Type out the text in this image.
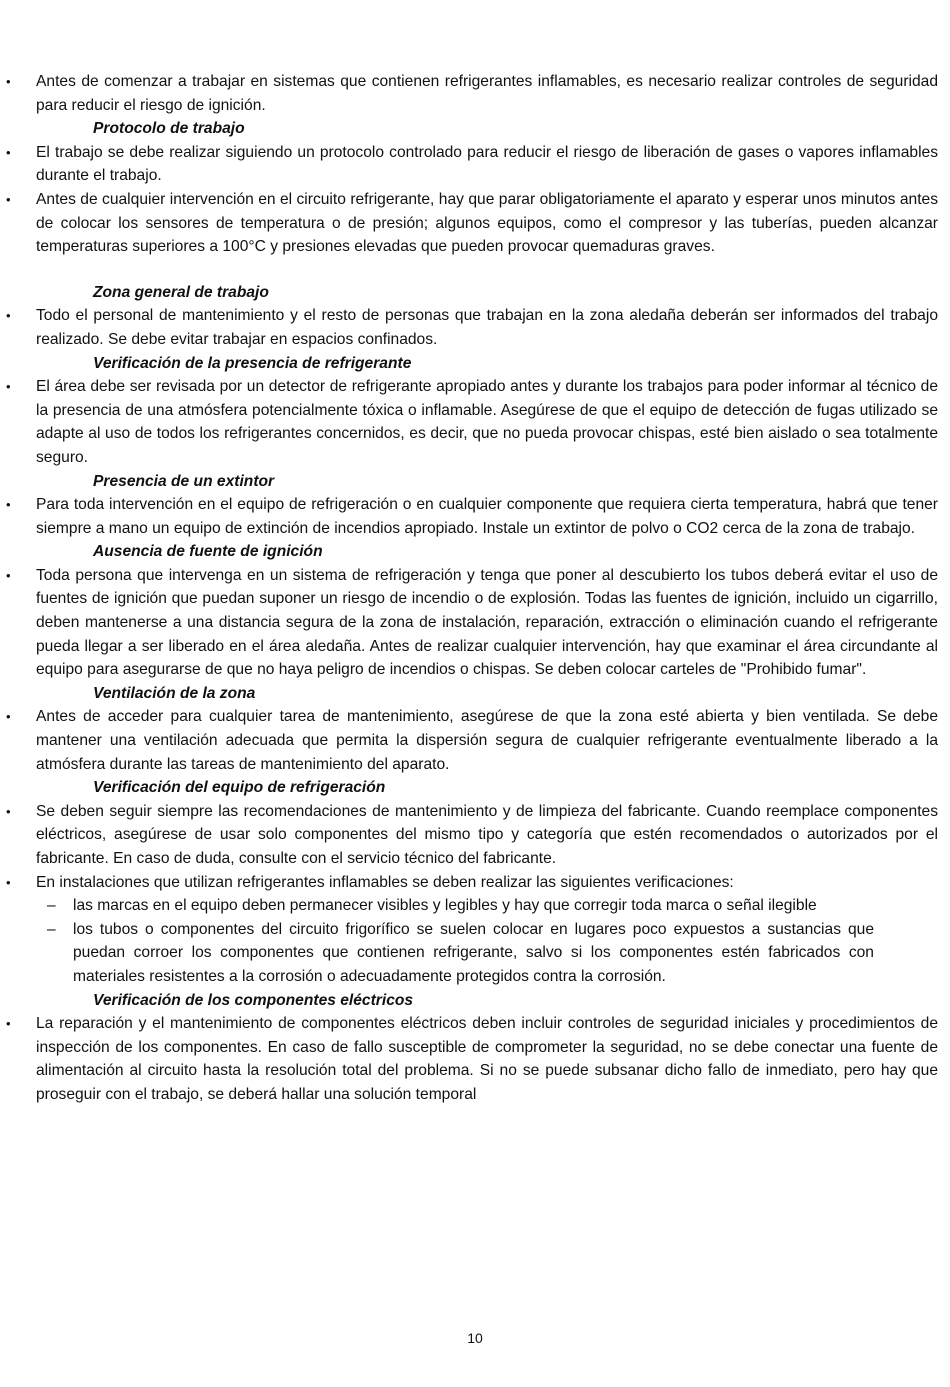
•	Antes de comenzar a trabajar en sistemas que contienen refrigerantes inflamables, es necesario realizar controles de seguridad para reducir el riesgo de ignición.
Protocolo de trabajo
•	El trabajo se debe realizar siguiendo un protocolo controlado para reducir el riesgo de liberación de gases o vapores inflamables durante el trabajo.
•	Antes de cualquier intervención en el circuito refrigerante, hay que parar obligatoriamente el aparato y esperar unos minutos antes de colocar los sensores de temperatura o de presión; algunos equipos, como el compresor y las tuberías, pueden alcanzar temperaturas superiores a 100°C y presiones elevadas que pueden provocar quemaduras graves.
Zona general de trabajo
•	Todo el personal de mantenimiento y el resto de personas que trabajan en la zona aledaña deberán ser informados del trabajo realizado. Se debe evitar trabajar en espacios confinados.
Verificación de la presencia de refrigerante
•	El área debe ser revisada por un detector de refrigerante apropiado antes y durante los trabajos para poder informar al técnico de la presencia de una atmósfera potencialmente tóxica o inflamable. Asegúrese de que el equipo de detección de fugas utilizado se adapte al uso de todos los refrigerantes concernidos, es decir, que no pueda provocar chispas, esté bien aislado o sea totalmente seguro.
Presencia de un extintor
•	Para toda intervención en el equipo de refrigeración o en cualquier componente que requiera cierta temperatura, habrá que tener siempre a mano un equipo de extinción de incendios apropiado. Instale un extintor de polvo o CO2 cerca de la zona de trabajo.
Ausencia de fuente de ignición
•	Toda persona que intervenga en un sistema de refrigeración y tenga que poner al descubierto los tubos deberá evitar el uso de fuentes de ignición que puedan suponer un riesgo de incendio o de explosión. Todas las fuentes de ignición, incluido un cigarrillo, deben mantenerse a una distancia segura de la zona de instalación, reparación, extracción o eliminación cuando el refrigerante pueda llegar a ser liberado en el área aledaña. Antes de realizar cualquier intervención, hay que examinar el área circundante al equipo para asegurarse de que no haya peligro de incendios o chispas. Se deben colocar carteles de "Prohibido fumar".
Ventilación de la zona
•	Antes de acceder para cualquier tarea de mantenimiento, asegúrese de que la zona esté abierta y bien ventilada. Se debe mantener una ventilación adecuada que permita la dispersión segura de cualquier refrigerante eventualmente liberado a la atmósfera durante las tareas de mantenimiento del aparato.
Verificación del equipo de refrigeración
•	Se deben seguir siempre las recomendaciones de mantenimiento y de limpieza del fabricante. Cuando reemplace componentes eléctricos, asegúrese de usar solo componentes del mismo tipo y categoría que estén recomendados o autorizados por el fabricante. En caso de duda, consulte con el servicio técnico del fabricante.
•	En instalaciones que utilizan refrigerantes inflamables se deben realizar las siguientes verificaciones:
– las marcas en el equipo deben permanecer visibles y legibles y hay que corregir toda marca o señal ilegible
– los tubos o componentes del circuito frigorífico se suelen colocar en lugares poco expuestos a sustancias que puedan corroer los componentes que contienen refrigerante, salvo si los componentes estén fabricados con materiales resistentes a la corrosión o adecuadamente protegidos contra la corrosión.
Verificación de los componentes eléctricos
•	La reparación y el mantenimiento de componentes eléctricos deben incluir controles de seguridad iniciales y procedimientos de inspección de los componentes. En caso de fallo susceptible de comprometer la seguridad, no se debe conectar una fuente de alimentación al circuito hasta la resolución total del problema. Si no se puede subsanar dicho fallo de inmediato, pero hay que proseguir con el trabajo, se deberá hallar una solución temporal
10
